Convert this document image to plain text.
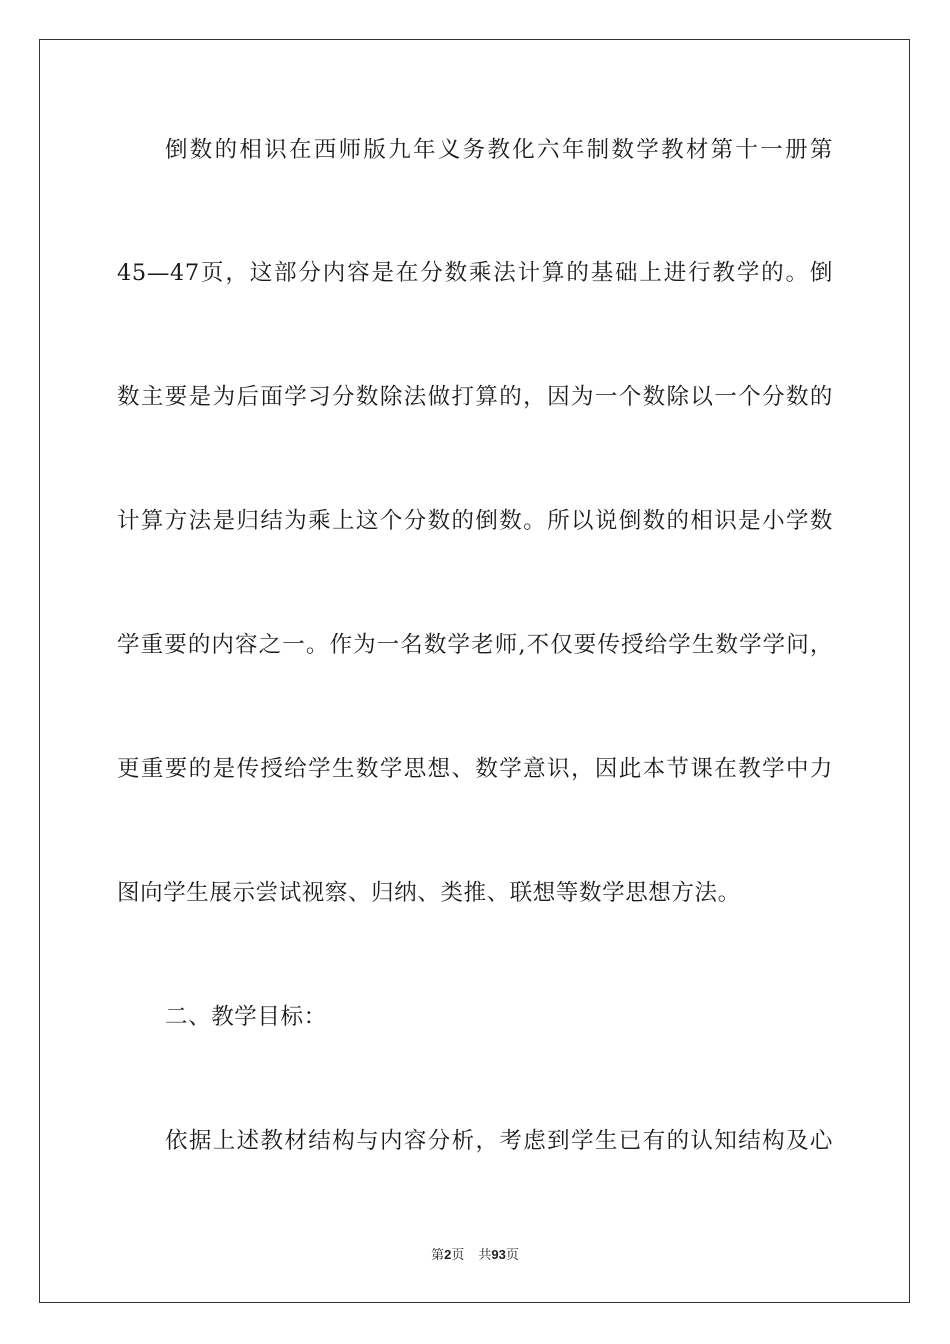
倒数的相识在西师版九年义务教化六年制数学教材第十一册第
45—47页，这部分内容是在分数乘法计算的基础上进行教学的。倒
数主要是为后面学习分数除法做打算的，因为一个数除以一个分数的
计算方法是归结为乘上这个分数的倒数。所以说倒数的相识是小学数
学重要的内容之一。作为一名数学老师,不仅要传授给学生数学学问，
更重要的是传授给学生数学思想、数学意识，因此本节课在教学中力
图向学生展示尝试视察、归纳、类推、联想等数学思想方法。
二、教学目标：
依据上述教材结构与内容分析，考虑到学生已有的认知结构及心
第2页 共93页
